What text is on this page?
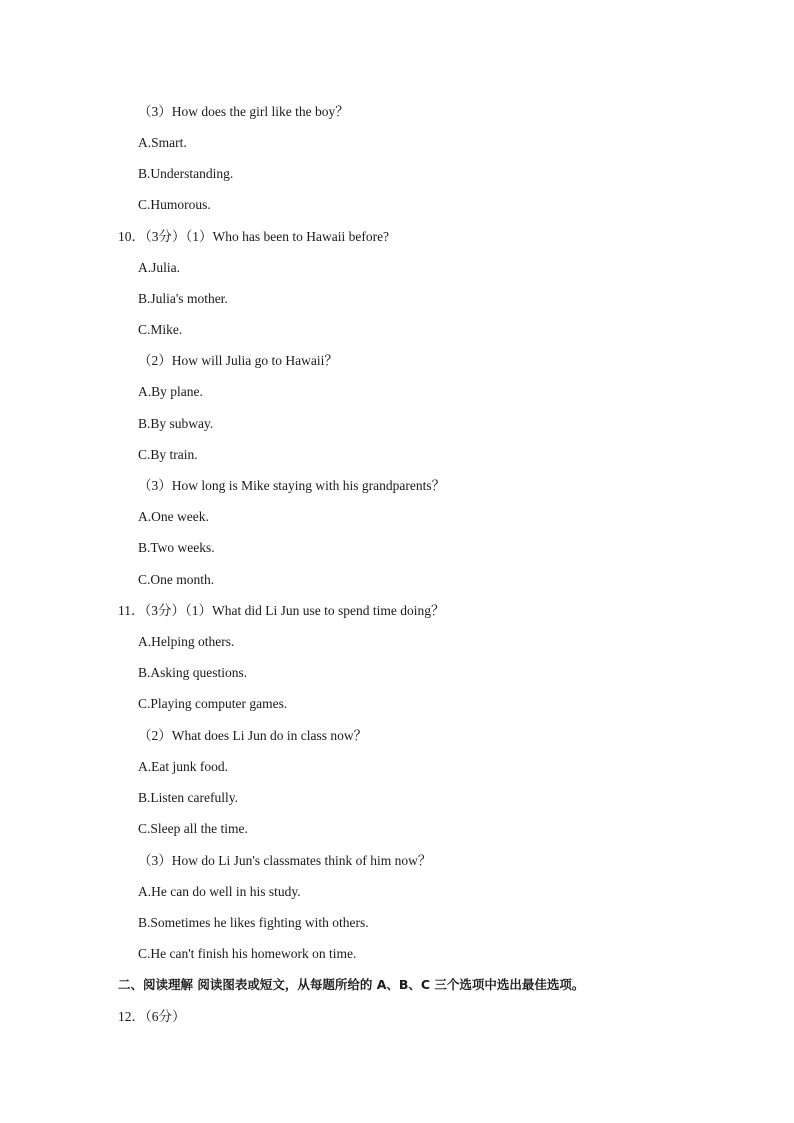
（3）How does the girl like the boy？
A.Smart.
B.Understanding.
C.Humorous.
10．（3分）（1）Who has been to Hawaii before?
A.Julia.
B.Julia's mother.
C.Mike.
（2）How will Julia go to Hawaii？
A.By plane.
B.By subway.
C.By train.
（3）How long is Mike staying with his grandparents？
A.One week.
B.Two weeks.
C.One month.
11．（3分）（1）What did Li Jun use to spend time doing？
A.Helping others.
B.Asking questions.
C.Playing computer games.
（2）What does Li Jun do in class now？
A.Eat junk food.
B.Listen carefully.
C.Sleep all the time.
（3）How do Li Jun's classmates think of him now？
A.He can do well in his study.
B.Sometimes he likes fighting with others.
C.He can't finish his homework on time.
二、阅读理解 阅读图表或短文，从每题所给的 A、B、C 三个选项中选出最佳选项。
12．（6分）
